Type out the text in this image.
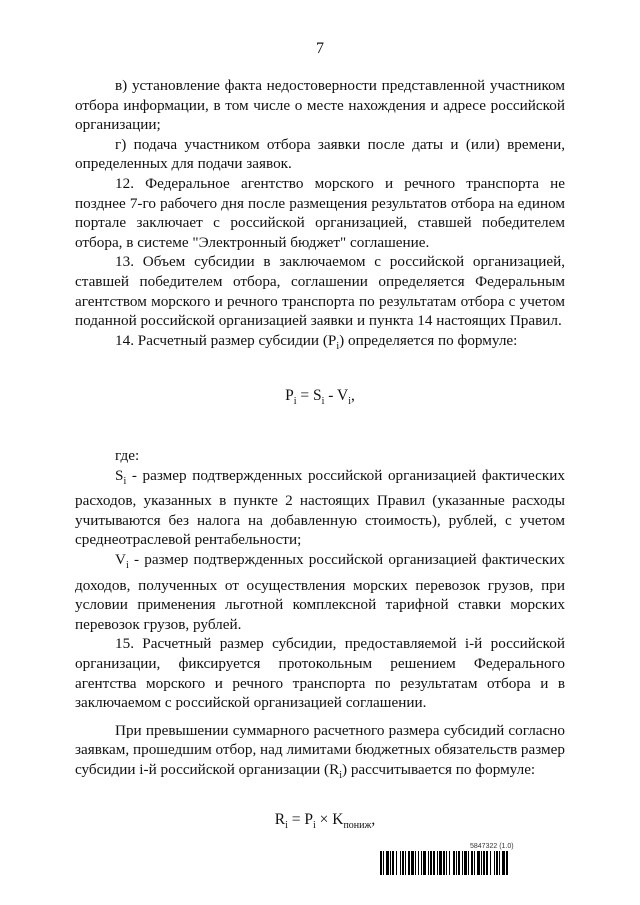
7

в) установление факта недостоверности представленной участником отбора информации, в том числе о месте нахождения и адресе российской организации;

г) подача участником отбора заявки после даты и (или) времени, определенных для подачи заявок.

12. Федеральное агентство морского и речного транспорта не позднее 7-го рабочего дня после размещения результатов отбора на едином портале заключает с российской организацией, ставшей победителем отбора, в системе "Электронный бюджет" соглашение.

13. Объем субсидии в заключаемом с российской организацией, ставшей победителем отбора, соглашении определяется Федеральным агентством морского и речного транспорта по результатам отбора с учетом поданной российской организацией заявки и пункта 14 настоящих Правил.

14. Расчетный размер субсидии $(P_i)$ определяется по формуле:

$P_i = S_i - V_i$,

где:

$S_i$ - размер подтвержденных российской организацией фактических расходов, указанных в пункте 2 настоящих Правил (указанные расходы учитываются без налога на добавленную стоимость), рублей, с учетом среднеотраслевой рентабельности;

$V_i$ - размер подтвержденных российской организацией фактических доходов, полученных от осуществления морских перевозок грузов, при условии применения льготной комплексной тарифной ставки морских перевозок грузов, рублей.

15. Расчетный размер субсидии, предоставляемой i-й российской организации, фиксируется протокольным решением Федерального агентства морского и речного транспорта по результатам отбора и в заключаемом с российской организацией соглашении.

При превышении суммарного расчетного размера субсидий согласно заявкам, прошедшим отбор, над лимитами бюджетных обязательств размер субсидии i-й российской организации $(R_i)$ рассчитывается по формуле:

$R_i = P_i \times K_{пониж}$,
5847322 (1.0)
